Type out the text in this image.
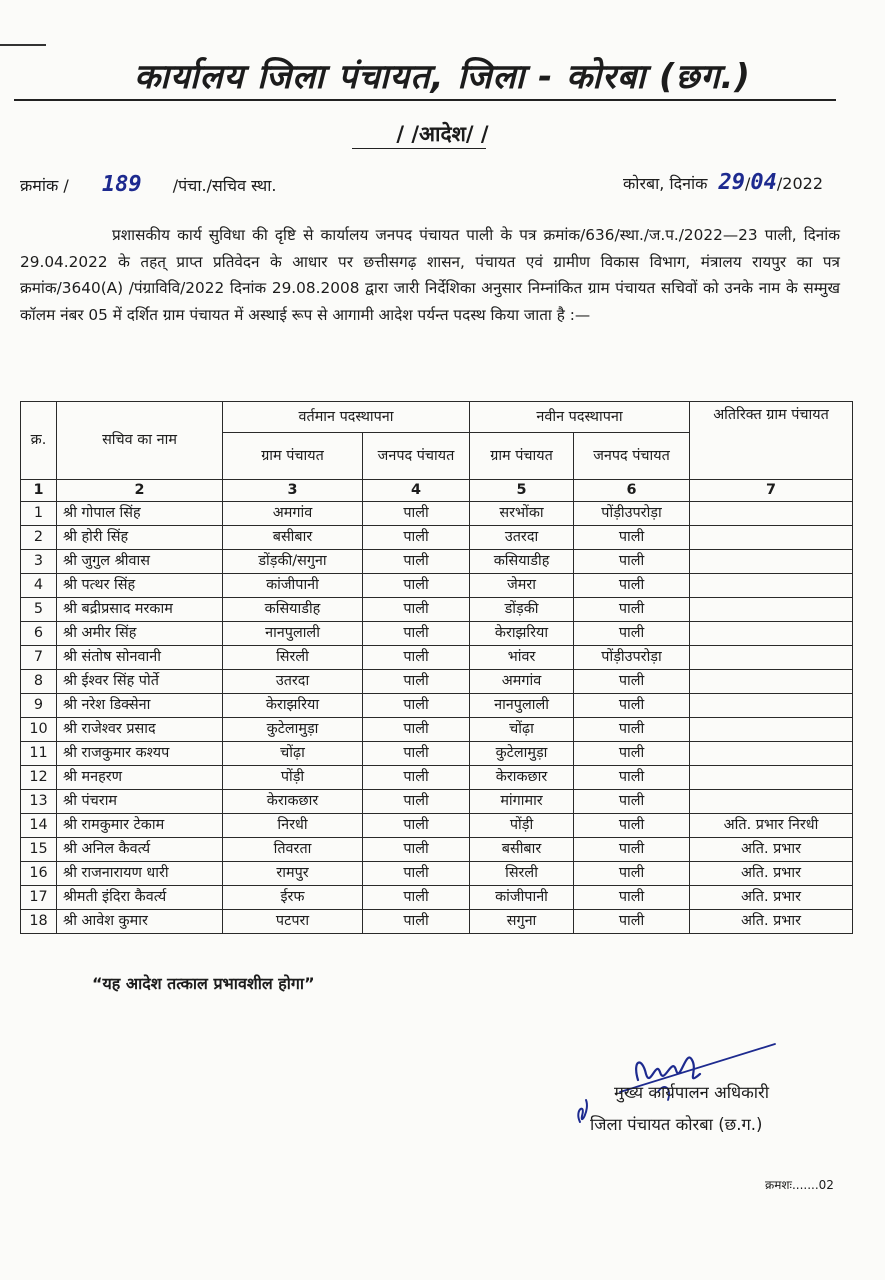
कार्यालय जिला पंचायत, जिला - कोरबा (छग.)
/ /आदेश/ /
क्रमांक / 189 /पंचा./सचिव स्था.	कोरबा, दिनांक 29/04/2022
प्रशासकीय कार्य सुविधा की दृष्टि से कार्यालय जनपद पंचायत पाली के पत्र क्रमांक/636/स्था./ज.प./2022—23 पाली, दिनांक 29.04.2022 के तहत् प्राप्त प्रतिवेदन के आधार पर छत्तीसगढ़ शासन, पंचायत एवं ग्रामीण विकास विभाग, मंत्रालय रायपुर का पत्र क्रमांक/3640(A) /पंग्राविवि/2022 दिनांक 29.08.2008 द्वारा जारी निर्देशिका अनुसार निम्नांकित ग्राम पंचायत सचिवों को उनके नाम के सम्मुख कॉलम नंबर 05 में दर्शित ग्राम पंचायत में अस्थाई रूप से आगामी आदेश पर्यन्त पदस्थ किया जाता है :—
क्र.	सचिव का नाम	वर्तमान पदस्थापना		नवीन पदस्थापना		अतिरिक्त ग्राम पंचायत
		ग्राम पंचायत	जनपद पंचायत	ग्राम पंचायत	जनपद पंचायत	
1	2	3	4	5	6	7
1	श्री गोपाल सिंह	अमगांव	पाली	सरभोंका	पोंड़ीउपरोड़ा	
2	श्री होरी सिंह	बसीबार	पाली	उतरदा	पाली	
3	श्री जुगुल श्रीवास	डोंड़की/सगुना	पाली	कसियाडीह	पाली	
4	श्री पत्थर सिंह	कांजीपानी	पाली	जेमरा	पाली	
5	श्री बद्रीप्रसाद मरकाम	कसियाडीह	पाली	डोंड़की	पाली	
6	श्री अमीर सिंह	नानपुलाली	पाली	केराझरिया	पाली	
7	श्री संतोष सोनवानी	सिरली	पाली	भांवर	पोंड़ीउपरोड़ा	
8	श्री ईश्वर सिंह पोर्ते	उतरदा	पाली	अमगांव	पाली	
9	श्री नरेश डिक्सेना	केराझरिया	पाली	नानपुलाली	पाली	
10	श्री राजेश्वर प्रसाद	कुटेलामुड़ा	पाली	चोंढ़ा	पाली	
11	श्री राजकुमार कश्यप	चोंढ़ा	पाली	कुटेलामुड़ा	पाली	
12	श्री मनहरण	पोंड़ी	पाली	केराकछार	पाली	
13	श्री पंचराम	केराकछार	पाली	मांगामार	पाली	
14	श्री रामकुमार टेकाम	निरधी	पाली	पोंड़ी	पाली	अति. प्रभार निरधी
15	श्री अनिल कैवर्त्य	तिवरता	पाली	बसीबार	पाली	अति. प्रभार
16	श्री राजनारायण धारी	रामपुर	पाली	सिरली	पाली	अति. प्रभार
17	श्रीमती इंदिरा कैवर्त्य	ईरफ	पाली	कांजीपानी	पाली	अति. प्रभार
18	श्री आवेश कुमार	पटपरा	पाली	सगुना	पाली	अति. प्रभार
“यह आदेश तत्काल प्रभावशील होगा”
मुख्य कार्यपालन अधिकारी
जिला पंचायत कोरबा (छ.ग.)
क्रमशः.......02
